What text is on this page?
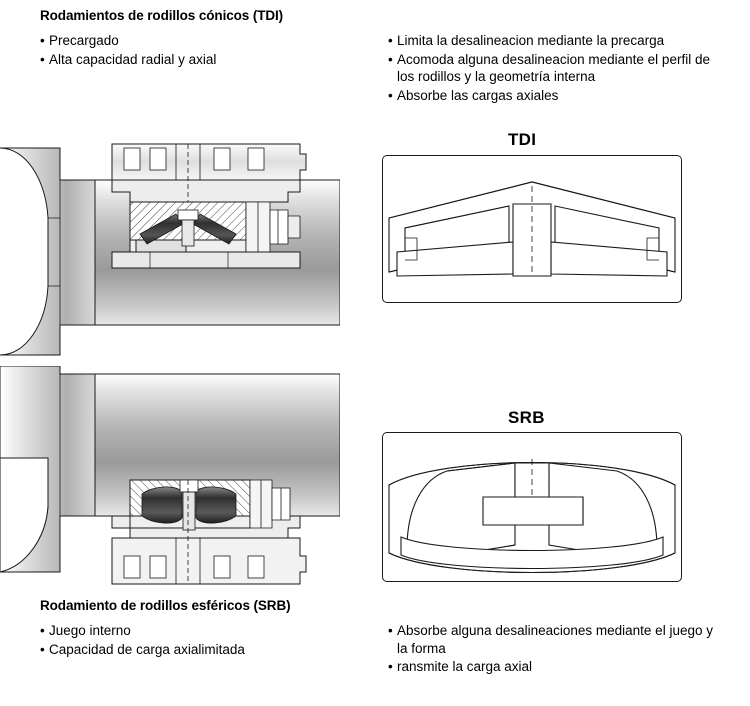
Rodamientos de rodillos cónicos (TDI)
• Precargado
• Alta capacidad radial y axial
• Limita la desalineacion mediante la precarga
• Acomoda alguna desalineacion mediante el perfil de los rodillos y la geometría interna
• Absorbe las cargas axiales
TDI
SRB
Rodamiento de rodillos esféricos (SRB)
• Juego interno
• Capacidad de carga axialimitada
• Absorbe alguna desalineaciones mediante el juego y la forma
• ransmite la carga axial
